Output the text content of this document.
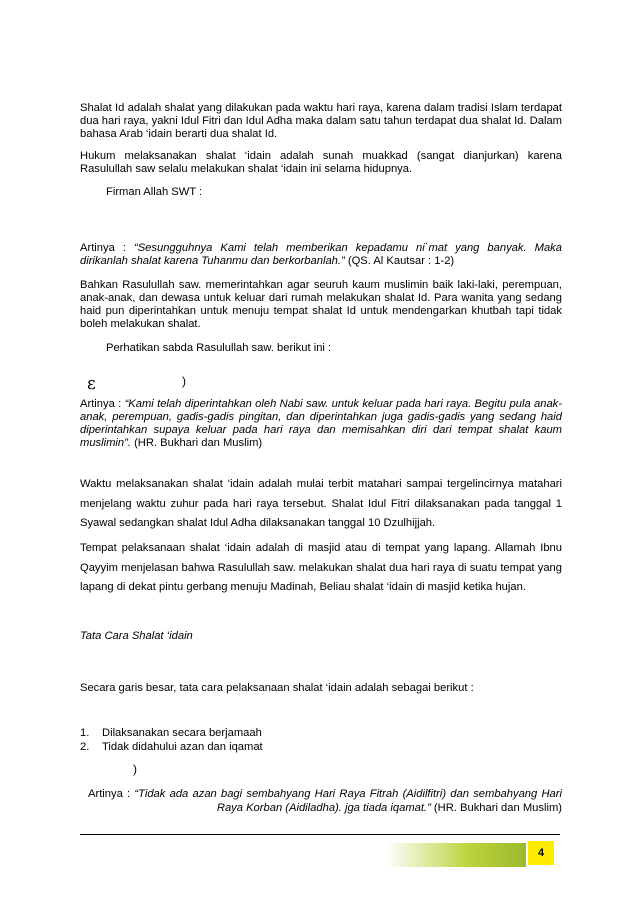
Shalat Id adalah shalat yang dilakukan pada waktu hari raya, karena dalam tradisi Islam terdapat dua hari raya, yakni Idul Fitri dan Idul Adha maka dalam satu tahun terdapat dua shalat Id. Dalam bahasa Arab ‘idain berarti dua shalat Id.

Hukum melaksanakan shalat ‘idain adalah sunah muakkad (sangat dianjurkan) karena Rasulullah saw selalu melakukan shalat ‘idain ini selama hidupnya.

Firman Allah SWT :

Artinya : “Sesungguhnya Kami telah memberikan kepadamu ni`mat yang banyak. Maka dirikanlah shalat karena Tuhanmu dan berkorbanlah.” (QS. Al Kautsar : 1-2)

Bahkan Rasulullah saw. memerintahkan agar seuruh kaum muslimin baik laki-laki, perempuan, anak-anak, dan dewasa untuk keluar dari rumah melakukan shalat Id. Para wanita yang sedang haid pun diperintahkan untuk menuju tempat shalat Id untuk mendengarkan khutbah tapi tidak boleh melakukan shalat.

Perhatikan sabda Rasulullah saw. berikut ini :

ε	)

Artinya : “Kami telah diperintahkan oleh Nabi saw. untuk keluar pada hari raya. Begitu pula anak-anak, perempuan, gadis-gadis pingitan, dan diperintahkan juga gadis-gadis yang sedang haid diperintahkan supaya keluar pada hari raya dan memisahkan diri dari tempat shalat kaum muslimin”. (HR. Bukhari dan Muslim)

Waktu melaksanakan shalat ‘idain adalah mulai terbit matahari sampai tergelincirnya matahari menjelang waktu zuhur pada hari raya tersebut. Shalat Idul Fitri dilaksanakan pada tanggal 1 Syawal sedangkan shalat Idul Adha dilaksanakan tanggal 10 Dzulhijjah.

Tempat pelaksanaan shalat ‘idain adalah di masjid atau di tempat yang lapang. Allamah Ibnu Qayyim menjelasan bahwa Rasulullah saw. melakukan shalat dua hari raya di suatu tempat yang lapang di dekat pintu gerbang menuju Madinah, Beliau shalat ‘idain di masjid ketika hujan.

Tata Cara Shalat ‘idain

Secara garis besar, tata cara pelaksanaan shalat ‘idain adalah sebagai berikut :

1. Dilaksanakan secara berjamaah

2. Tidak didahului azan dan iqamat

)

Artinya : “Tidak ada azan bagi sembahyang Hari Raya Fitrah (Aidilfitri) dan sembahyang Hari Raya Korban (Aidiladha). jga tiada iqamat.” (HR. Bukhari dan Muslim)

4
